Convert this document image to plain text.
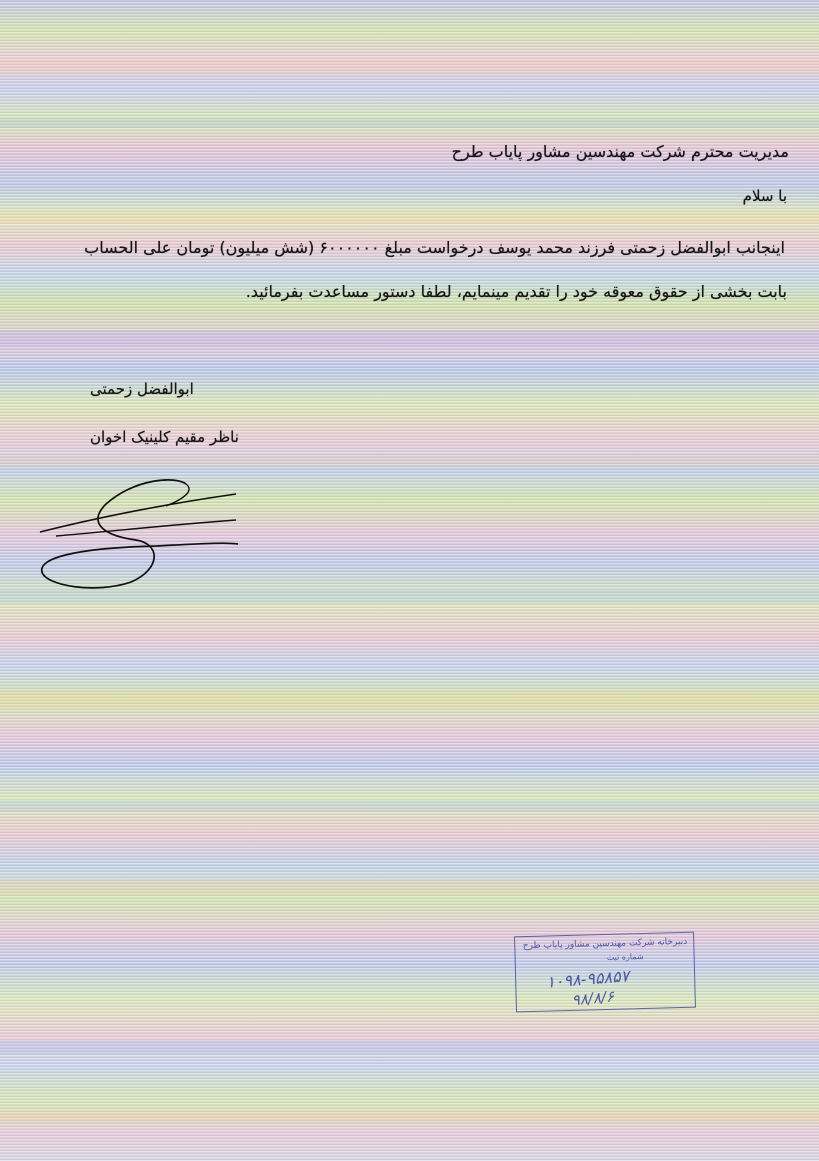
مدیریت محترم شرکت مهندسین مشاور پایاب طرح
با سلام
اینجانب ابوالفضل زحمتی فرزند محمد یوسف درخواست مبلغ ۶۰۰۰۰۰۰ (شش میلیون) تومان علی الحساب
بابت بخشی از حقوق معوقه خود را تقدیم مینمایم، لطفا دستور مساعدت بفرمائید.
ابوالفضل زحمتی
ناظر مقیم کلینیک اخوان
دبیرخانه شرکت مهندسین مشاور پایاب طرح
شماره ثبت
۱۰۹۸-۹۵۸۵۷
۹۸/۸/۶
